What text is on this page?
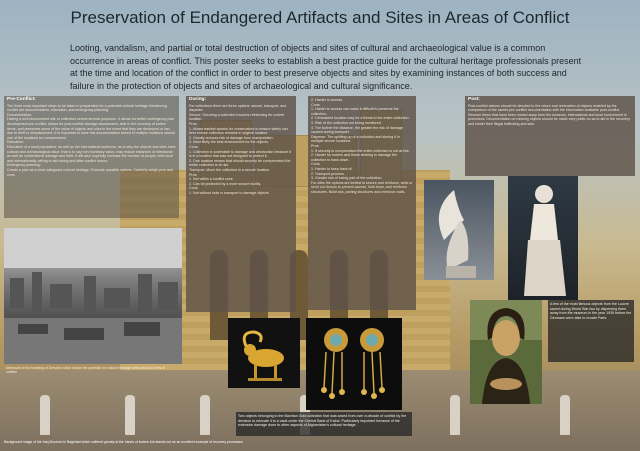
Preservation of Endangered Artifacts and Sites in Areas of Conflict
Looting, vandalism, and partial or total destruction of objects and sites of cultural and archaeological value is a common occurrence in areas of conflict. This poster seeks to establish a best practice guide for the cultural heritage professionals present at the time and location of the conflict in order to best preserve objects and sites by examining instances of both success and failure in the protection of objects and sites of archaeological and cultural significance.
Pre-Conflict:

The three most important steps to be taken in preparation for a potential cultural heritage threatening conflict are documentation, education, and emergency planning.
Documentation:
Having a well documented site or collection serves several purposes. It allows for better contingency plan development pre-conflict, allows for post-conflict damage assessment, aids in the recovery of looted items, and preserves some of the value of objects and sites in the event that they are destroyed or lost due to theft or misplacement. It is important to have this documentation stored in multiple locations should one of the locations be compromised.
Education:
Education of a local population, as well as the international audience, as to why the objects and sites have cultural and archaeological value, that is to say non monetary value, may reduce instances of intentional as well as unintentional damage and theft. It will also hopefully increase the number of people, both local and internationally, willing to aid during and after conflict occurs.
Emergency planning:
Create a plan as to best safeguard cultural heritage. Evaluate possible options. Carefully weigh pros and cons.

During:

For collections there are three options: secure, transport, and disperse.
Secure: Securing a collection involves reinforcing its current location.
Pros:
1. Allows easiest access for conservators to ensure safety can best ensure collection remains in original location.
2. Greatly reduces risk of damage from manipulation.
3. Most likely the best environment for the objects.
Cons:
1. Collection is vulnerable to damage and destruction because it is in a location that was not designed to protect it.
2. One location means that should security be compromised the entire collection is at risk.
Transport: Move the collection to a secure location.
Pros:
1. Not within a conflict zone.
2. Can be protected by a more secure facility.
Cons:
1. Not without risks in transport to damage objects.

2. Harder to access.
Cons:
1. Harder to access can make it difficult to preserve the collection.
2. Centralized location may be a threat to the entire collection.
3. Risk of the collection not being monitored.
4. The further the distance, the greater the risk of damage caused during transport.
Disperse: The splitting up of a collection and storing it in multiple secure locations.
Pros:
1. If security is compromised the entire collection is not at risk.
2. Harder for looters and those seeking to damage the collection to track down.
Cons:
1. Harder to keep track of.
2. Transport process.
3. Greater risk of losing part of the collection.
For sites the options are limited to secure and reinforce, seek or send out donors to prevent access, hold tours, and reinforce structures. Build sea, parting structures and reinforce walls.

Post:

Post-conflict actions should be devoted to the return and restoration of objects enabled by the comparison of the careful pre-conflict documentation with the information available post-conflict. Recover items that have been moved away from the museum, international and local involvement in processes. Documentation on missing objects should be made very public so as to aid in the recovery and hinder their illegal trafficking and sale.

Aftermath of the bombing of Dresden which shows the potential for cultural heritage destruction in times of conflict.
Two objects belonging to the Bactrian Gold collection that was saved from over a decade of conflict by the decision to relocate it to a vault under the Central Bank of Kabul. Particularly important because of the extensive damage done to other aspects of Afghanistan's cultural heritage.
A few of the most famous objects from the Louvre saved during World War two by dispersing them away from the museum in the year 1939 before the Germans were able to invade Paris.
Background image of the Iraq Museum in Baghdad which suffered greatly at the hands of looters but stands out as an excellent example of recovery processes.
